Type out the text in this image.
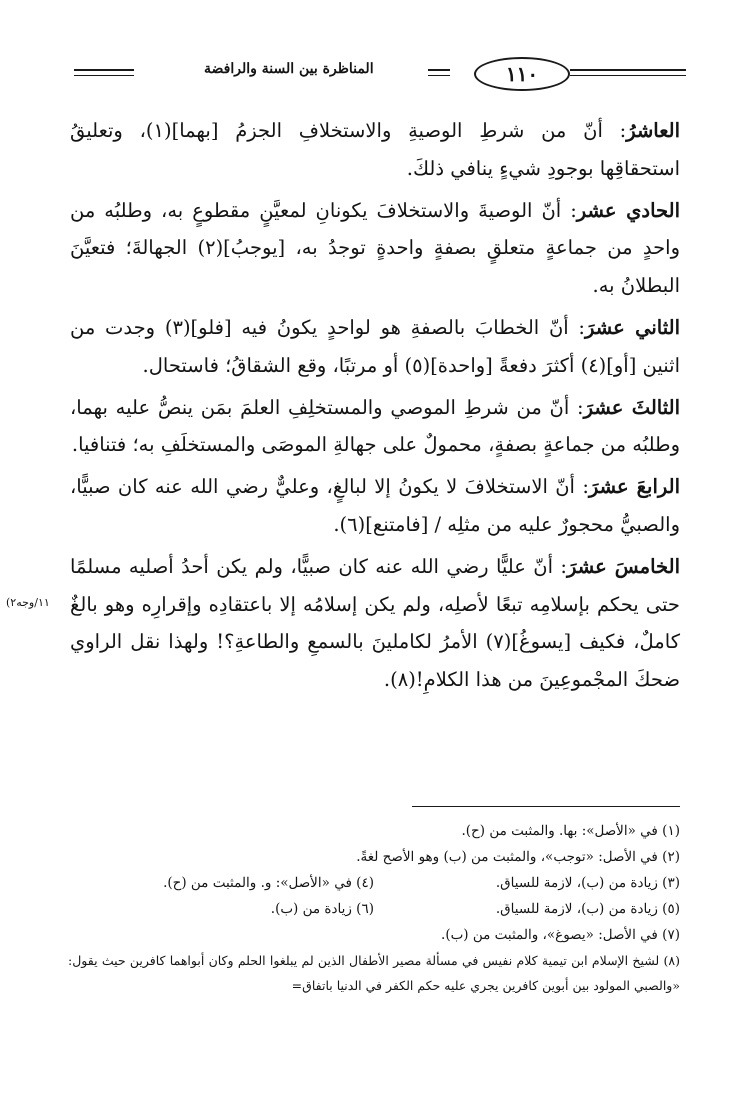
١١٠
المناظرة بين السنة والرافضة

العاشرُ: أنّ من شرطِ الوصيةِ والاستخلافِ الجزمُ [بهما](١)، وتعليقُ استحقاقِها بوجودِ شيءٍ ينافي ذلكَ.

الحادي عشر: أنّ الوصيةَ والاستخلافَ يكونانِ لمعيَّنٍ مقطوعٍ به، وطلبُه من واحدٍ من جماعةٍ متعلقٍ بصفةٍ واحدةٍ توجدُ به، [يوجبُ](٢) الجهالةَ؛ فتعيَّنَ البطلانُ به.

الثاني عشرَ: أنّ الخطابَ بالصفةِ هو لواحدٍ يكونُ فيه [فلو](٣) وجدت من اثنين [أو](٤) أكثرَ دفعةً [واحدة](٥) أو مرتبًا، وقع الشقاقُ؛ فاستحال.

الثالثَ عشرَ: أنّ من شرطِ الموصي والمستخلِفِ العلمَ بمَن ينصُّ عليه بهما، وطلبُه من جماعةٍ بصفةٍ، محمولٌ على جهالةِ الموصَى والمستخلَفِ به؛ فتنافيا.

الرابعَ عشرَ: أنّ الاستخلافَ لا يكونُ إلا لبالغٍ، وعليٌّ رضي الله عنه كان صبيًّا، والصبيُّ محجورٌ عليه من مثلِه / [فامتنع](٦).

الخامسَ عشرَ: أنّ عليًّا رضي الله عنه كان صبيًّا، ولم يكن أحدُ أصليه مسلمًا حتى يحكم بإسلامِه تبعًا لأصلِه، ولم يكن إسلامُه إلا باعتقادِه وإقرارِه وهو بالغٌ كاملٌ، فكيف [يسوغُ](٧) الأمرُ لكاملينَ بالسمعِ والطاعةِ؟! ولهذا نقل الراوي ضحكَ المجْموعِينَ من هذا الكلامِ!(٨).

١١/وجه٢)
(١) في «الأصل»: بها. والمثبت من (ح).
(٢) في الأصل: «توجب»، والمثبت من (ب) وهو الأصح لغةً.
(٣) زيادة من (ب)، لازمة للسياق.
(٤) في «الأصل»: و. والمثبت من (ح).
(٥) زيادة من (ب)، لازمة للسياق.
(٦) زيادة من (ب).
(٧) في الأصل: «يصوغ»، والمثبت من (ب).
(٨) لشيخ الإسلام ابن تيمية كلام نفيس في مسألة مصير الأطفال الذين لم يبلغوا الحلم وكان أبواهما كافرين حيث يقول: «والصبي المولود بين أبوين كافرين يجري عليه حكم الكفر في الدنيا باتفاق=
